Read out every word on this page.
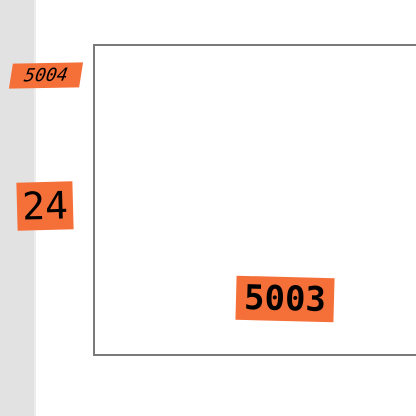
5004
24
5003
